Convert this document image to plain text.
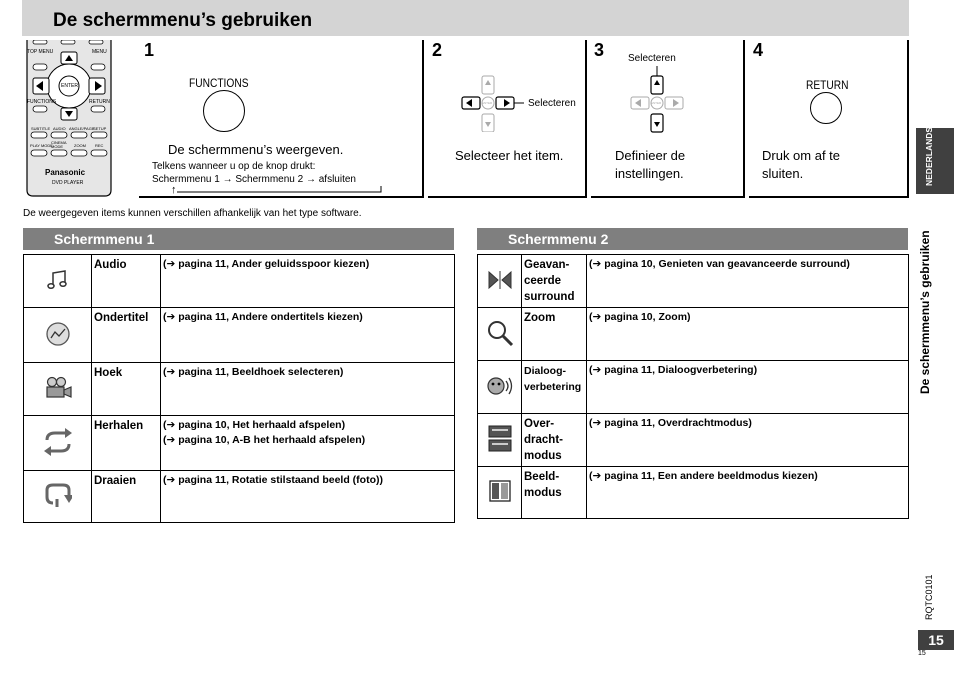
De schermmenu’s gebruiken
TOP MENU	MENU
ENTER
FUNCTIONS	RETURN
SUBTITLE AUDIO ANGLE/PAGE
SETUP
PLAY MODE
CINEMA MODE	ZOOM REC
Panasonic
DVD PLAYER
1
FUNCTIONS
De schermmenu’s weergeven.
Telkens wanneer u op de knop drukt:
Schermmenu 1 → Schermmenu 2 → afsluiten
↑
2
ENTER	Selecteren
Selecteer het item.
3 Selecteren
ENTER
Definieer de
instellingen.
4
RETURN
Druk om af te
sluiten.
De weergegeven items kunnen verschillen afhankelijk van het type software.
Schermmenu 1
	Audio	(➔ pagina 11, Ander geluidsspoor kiezen)

	Ondertitel	(➔ pagina 11, Andere ondertitels kiezen)

	Hoek	(➔ pagina 11, Beeldhoek selecteren)

	Herhalen	(➔ pagina 10, Het herhaald afspelen)
(➔ pagina 10, A-B het herhaald afspelen)

	Draaien	(➔ pagina 11, Rotatie stilstaand beeld (foto))
Schermmenu 2

Geavan-
ceerde
surround	(➔ pagina 10, Genieten van geavanceerde surround)

Zoom	(➔ pagina 10, Zoom)

Dialoog-
verbetering	(➔ pagina 11, Dialoogverbetering)

Over-
dracht-
modus	(➔ pagina 11, Overdrachtmodus)

Beeld-
modus	(➔ pagina 11, Een andere beeldmodus kiezen)
NEDERLANDS
De schermmenu’s gebruiken
RQTC0101
15
15
